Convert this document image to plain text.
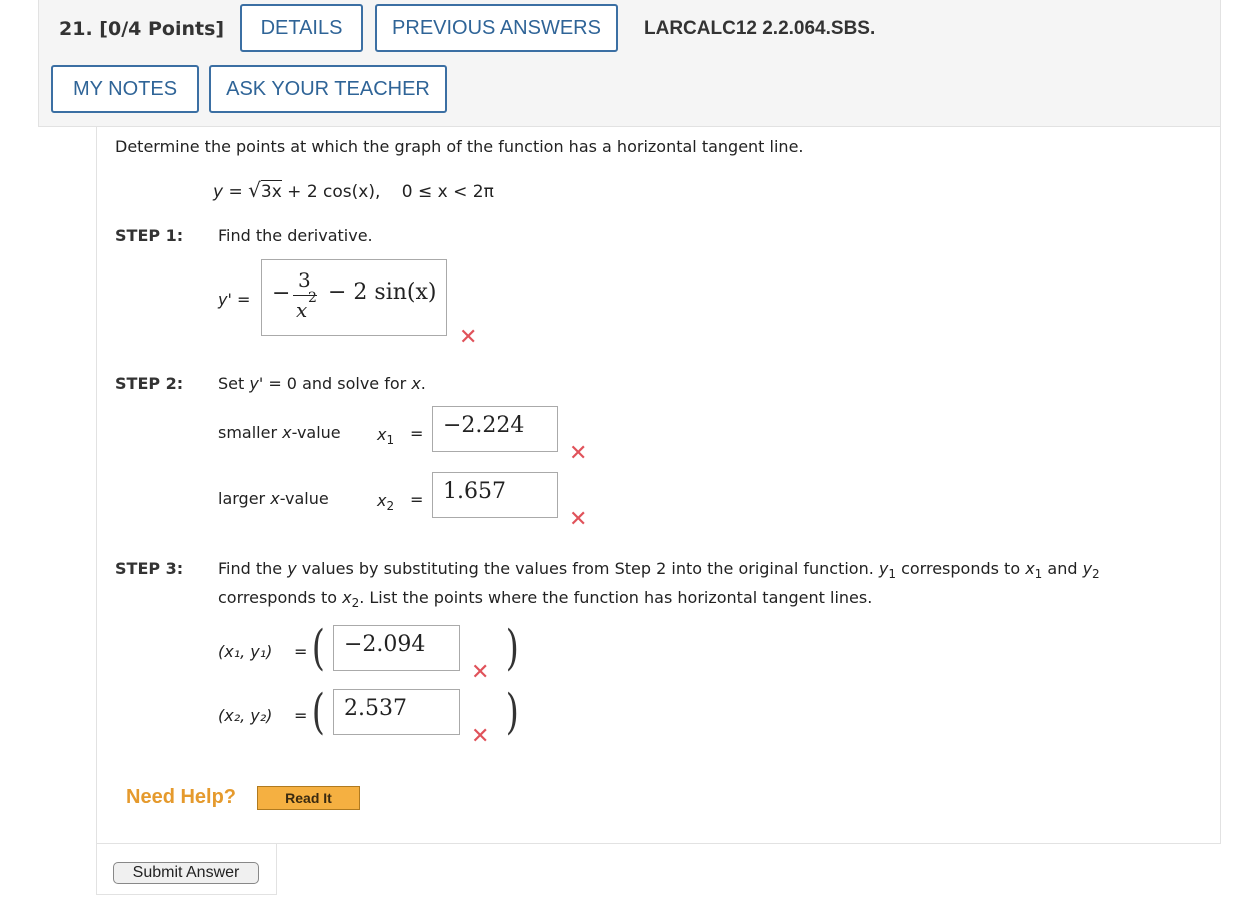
21. [0/4 Points]	DETAILS	PREVIOUS ANSWERS	LARCALC12 2.2.064.SBS.
MY NOTES	ASK YOUR TEACHER
Determine the points at which the graph of the function has a horizontal tangent line.
y = √3x + 2 cos(x), 0 ≤ x < 2π
STEP 1: Find the derivative.
y' = −
3
x 2 − 2 sin(x)
✕
STEP 2: Set y' = 0 and solve for x.
smaller x-value $x_1 = -2.224$
✕
larger x-value	$x_2 = 1.657$
✕
STEP 3: Find the y values by substituting the values from Step 2 into the original function. $y_1$ corresponds to $x_1$ and $y_2$
corresponds to $x_2$. List the points where the function has horizontal tangent lines.
(x₁, y₁) = ( −2.094
✕ )
(x₂, y₂) = ( 2.537
✕ )
Need Help?	Read It
Submit Answer
